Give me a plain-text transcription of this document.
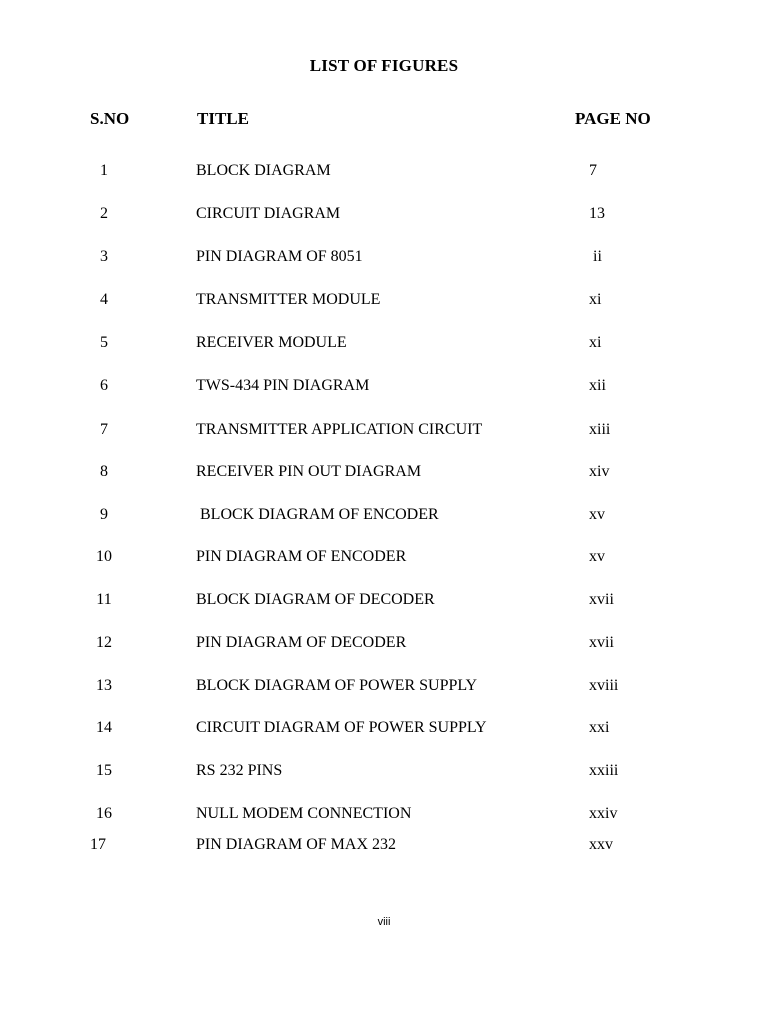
LIST OF FIGURES
S.NO	TITLE	PAGE NO
1	BLOCK DIAGRAM	7
2	CIRCUIT DIAGRAM	13
3	PIN DIAGRAM OF 8051	ii
4	TRANSMITTER MODULE	xi
5	RECEIVER MODULE	xi
6	TWS-434 PIN DIAGRAM	xii
7	TRANSMITTER APPLICATION CIRCUIT	xiii
8	RECEIVER PIN OUT DIAGRAM	xiv
9	BLOCK DIAGRAM OF ENCODER	xv
10	PIN DIAGRAM OF ENCODER	xv
11	BLOCK DIAGRAM OF DECODER	xvii
12	PIN DIAGRAM OF DECODER	xvii
13	BLOCK DIAGRAM OF POWER SUPPLY	xviii
14	CIRCUIT DIAGRAM OF POWER SUPPLY	xxi
15	RS 232 PINS	xxiii
16	NULL MODEM CONNECTION	xxiv
17	PIN DIAGRAM OF MAX 232	xxv
viii
